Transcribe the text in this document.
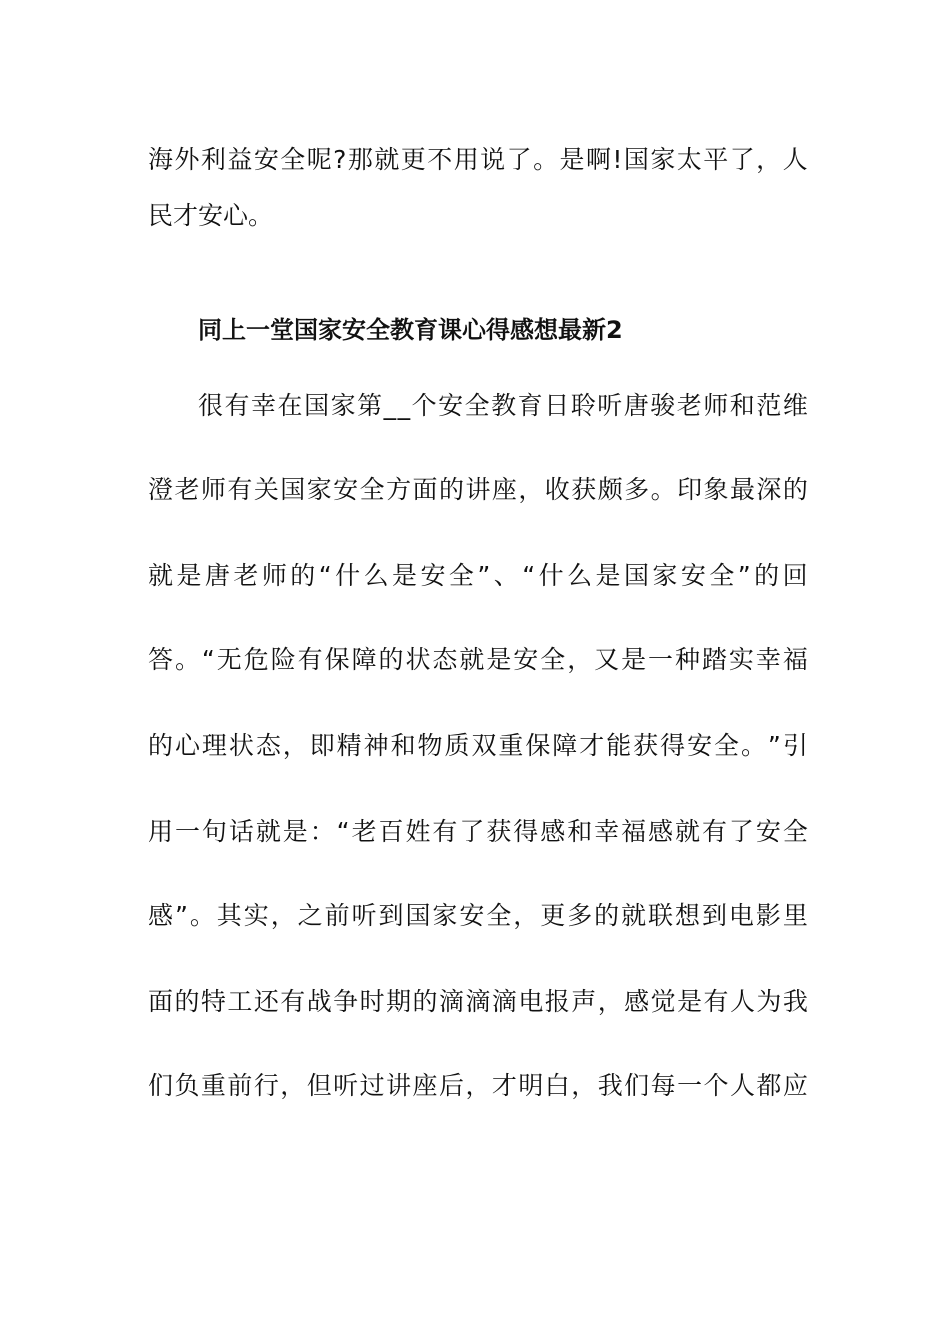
海 外 利 益 安 全 呢 ? 那 就 更 不 用 说 了 。 是 啊 ! 国 家 太 平 了 ， 人
民才安心。
同上一堂国家安全教育课心得感想最新2
很 有 幸 在 国 家 第 _ _ 个 安 全 教 育 日 聆 听 唐 骏 老 师 和 范 维
澄 老 师 有 关 国 家 安 全 方 面 的 讲 座 ， 收 获 颇 多 。 印 象 最 深 的
就 是 唐 老 师 的 “ 什 么 是 安 全 ” 、 “ 什 么 是 国 家 安 全 ” 的 回
答 。 “ 无 危 险 有 保 障 的 状 态 就 是 安 全 ， 又 是 一 种 踏 实 幸 福
的 心 理 状 态 ， 即 精 神 和 物 质 双 重 保 障 才 能 获 得 安 全 。 ” 引
用 一 句 话 就 是 ： “ 老 百 姓 有 了 获 得 感 和 幸 福 感 就 有 了 安 全
感 ” 。 其 实 ， 之 前 听 到 国 家 安 全 ， 更 多 的 就 联 想 到 电 影 里
面 的 特 工 还 有 战 争 时 期 的 滴 滴 滴 电 报 声 ， 感 觉 是 有 人 为 我
们 负 重 前 行 ， 但 听 过 讲 座 后 ， 才 明 白 ， 我 们 每 一 个 人 都 应
